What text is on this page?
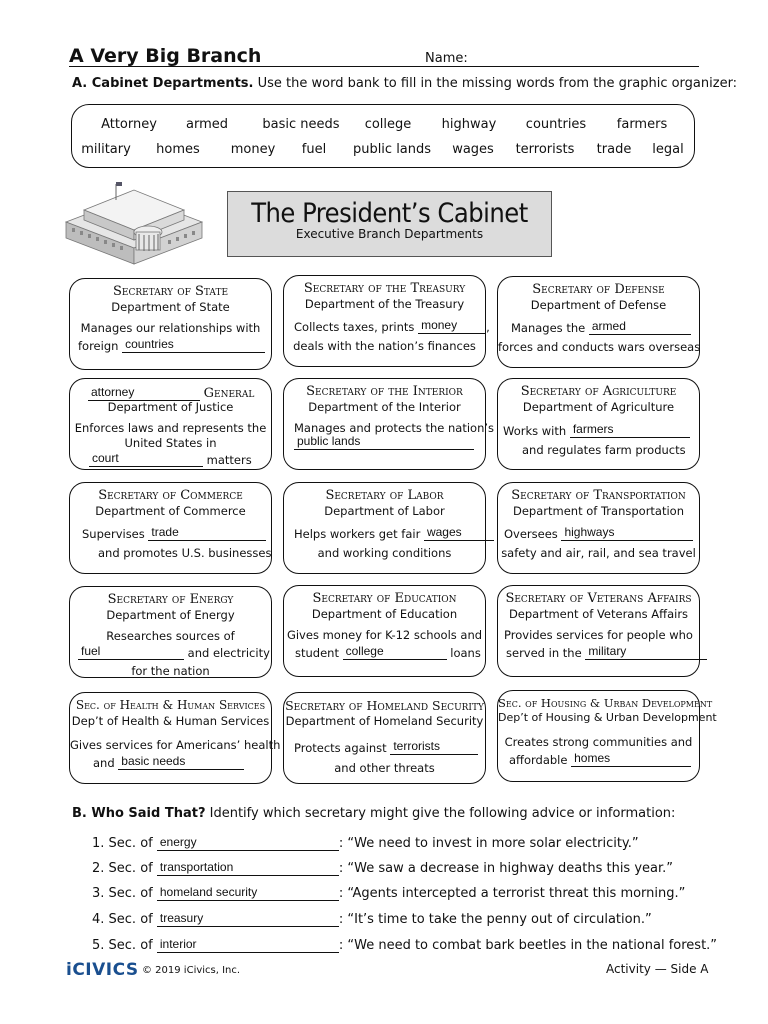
A Very Big Branch	Name:
A. Cabinet Departments. Use the word bank to fill in the missing words from the graphic organizer:
Attorney armed	basic needs college highway countries farmers
military homes money fuel public lands wages terrorists trade legal
The President’s Cabinet
Executive Branch Departments
Secretary of State
Department of State
Manages our relationships with
foreign countries
Secretary of the Treasury
Department of the Treasury
Collects taxes, prints money	,
deals with the nation’s finances
Secretary of Defense
Department of Defense
Manages the armed
forces and conducts wars overseas
attorney	General
Department of Justice
Enforces laws and represents the
United States in
court	matters
Secretary of the Interior
Department of the Interior
Manages and protects the nation’s
public lands
Secretary of Agriculture
Department of Agriculture
Works with farmers
and regulates farm products
Secretary of Commerce
Department of Commerce
Supervises trade
and promotes U.S. businesses
Secretary of Labor
Department of Labor
Helps workers get fair wages
and working conditions
Secretary of Transportation
Department of Transportation
Oversees highways
safety and air, rail, and sea travel
Secretary of Energy
Department of Energy
Researches sources of
fuel	and electricity
for the nation
Secretary of Education
Department of Education
Gives money for K-12 schools and
student college	loans
Secretary of Veterans Affairs
Department of Veterans Affairs
Provides services for people who
served in the military
Sec. of Health & Human Services
Dep’t of Health & Human Services
Gives services for Americans’ health
and basic needs
Secretary of Homeland Security
Department of Homeland Security
Protects against terrorists
and other threats
Sec. of Housing & Urban Development
Dep’t of Housing & Urban Development
Creates strong communities and
affordable homes
B. Who Said That? Identify which secretary might give the following advice or information:
1. Sec. of energy	: “We need to invest in more solar electricity.”
2. Sec. of transportation	: “We saw a decrease in highway deaths this year.”
3. Sec. of homeland security	: “Agents intercepted a terrorist threat this morning.”
4. Sec. of treasury	: “It’s time to take the penny out of circulation.”
5. Sec. of interior	: “We need to combat bark beetles in the national forest.”
iCIVICS © 2019 iCivics, Inc.	Activity — Side A
